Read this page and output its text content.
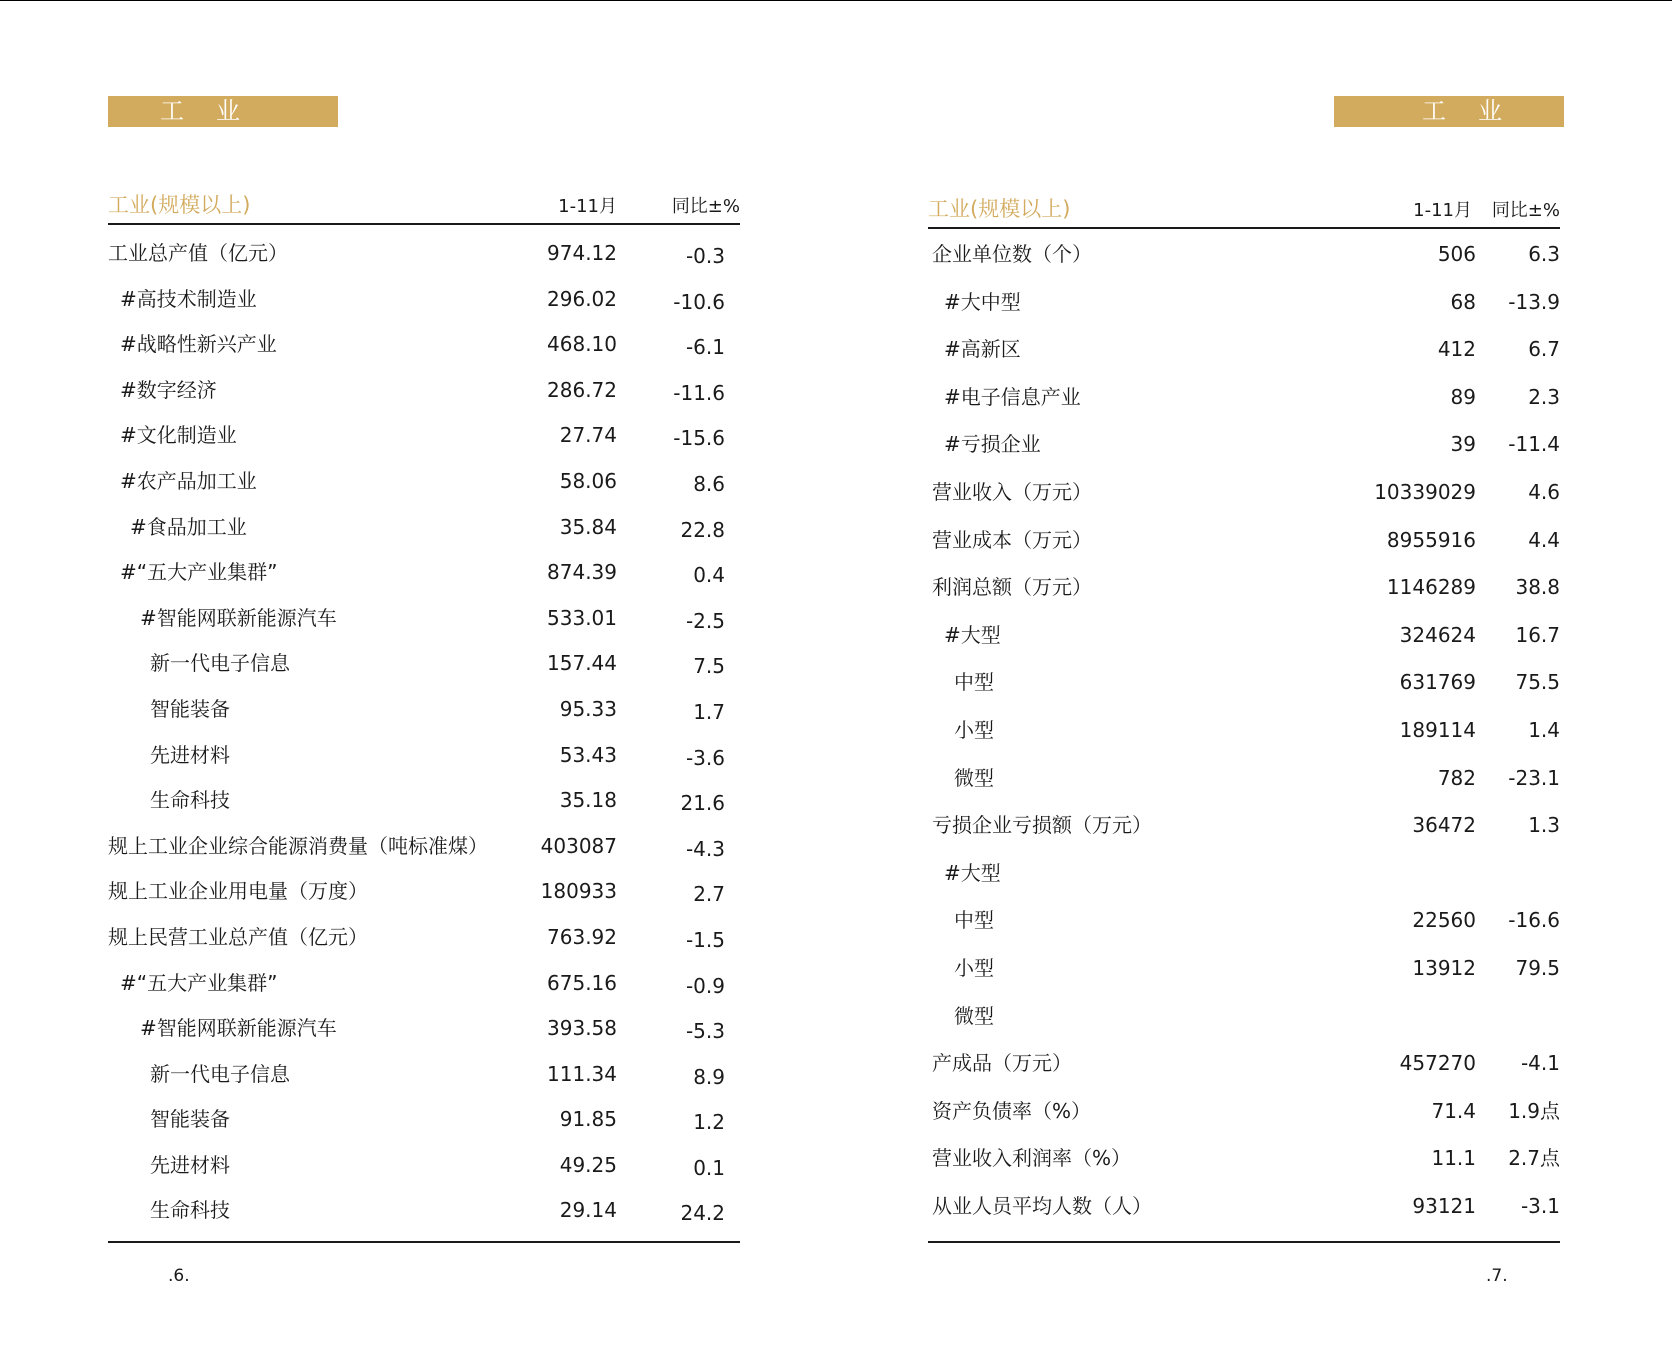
工　业
工业(规模以上)	1-11月	同比±%
工业总产值（亿元）	974.12	-0.3
#高技术制造业	296.02	-10.6
#战略性新兴产业	468.10	-6.1
#数字经济	286.72	-11.6
#文化制造业	27.74	-15.6
#农产品加工业	58.06	8.6
#食品加工业	35.84	22.8
#“五大产业集群”	874.39	0.4
#智能网联新能源汽车	533.01	-2.5
新一代电子信息	157.44	7.5
智能装备	95.33	1.7
先进材料	53.43	-3.6
生命科技	35.18	21.6
规上工业企业综合能源消费量（吨标准煤）	403087	-4.3
规上工业企业用电量（万度）	180933	2.7
规上民营工业总产值（亿元）	763.92	-1.5
#“五大产业集群”	675.16	-0.9
#智能网联新能源汽车	393.58	-5.3
新一代电子信息	111.34	8.9
智能装备	91.85	1.2
先进材料	49.25	0.1
生命科技	29.14	24.2
.6.
工　业
工业(规模以上)	1-11月	同比±%
企业单位数（个）	506	6.3
#大中型	68	-13.9
#高新区	412	6.7
#电子信息产业	89	2.3
#亏损企业	39	-11.4
营业收入（万元）	10339029	4.6
营业成本（万元）	8955916	4.4
利润总额（万元）	1146289	38.8
#大型	324624	16.7
中型	631769	75.5
小型	189114	1.4
微型	782	-23.1
亏损企业亏损额（万元）	36472	1.3
#大型
中型	22560	-16.6
小型	13912	79.5
微型
产成品（万元）	457270	-4.1
资产负债率（%）	71.4	1.9点
营业收入利润率（%）	11.1	2.7点
从业人员平均人数（人）	93121	-3.1
.7.
